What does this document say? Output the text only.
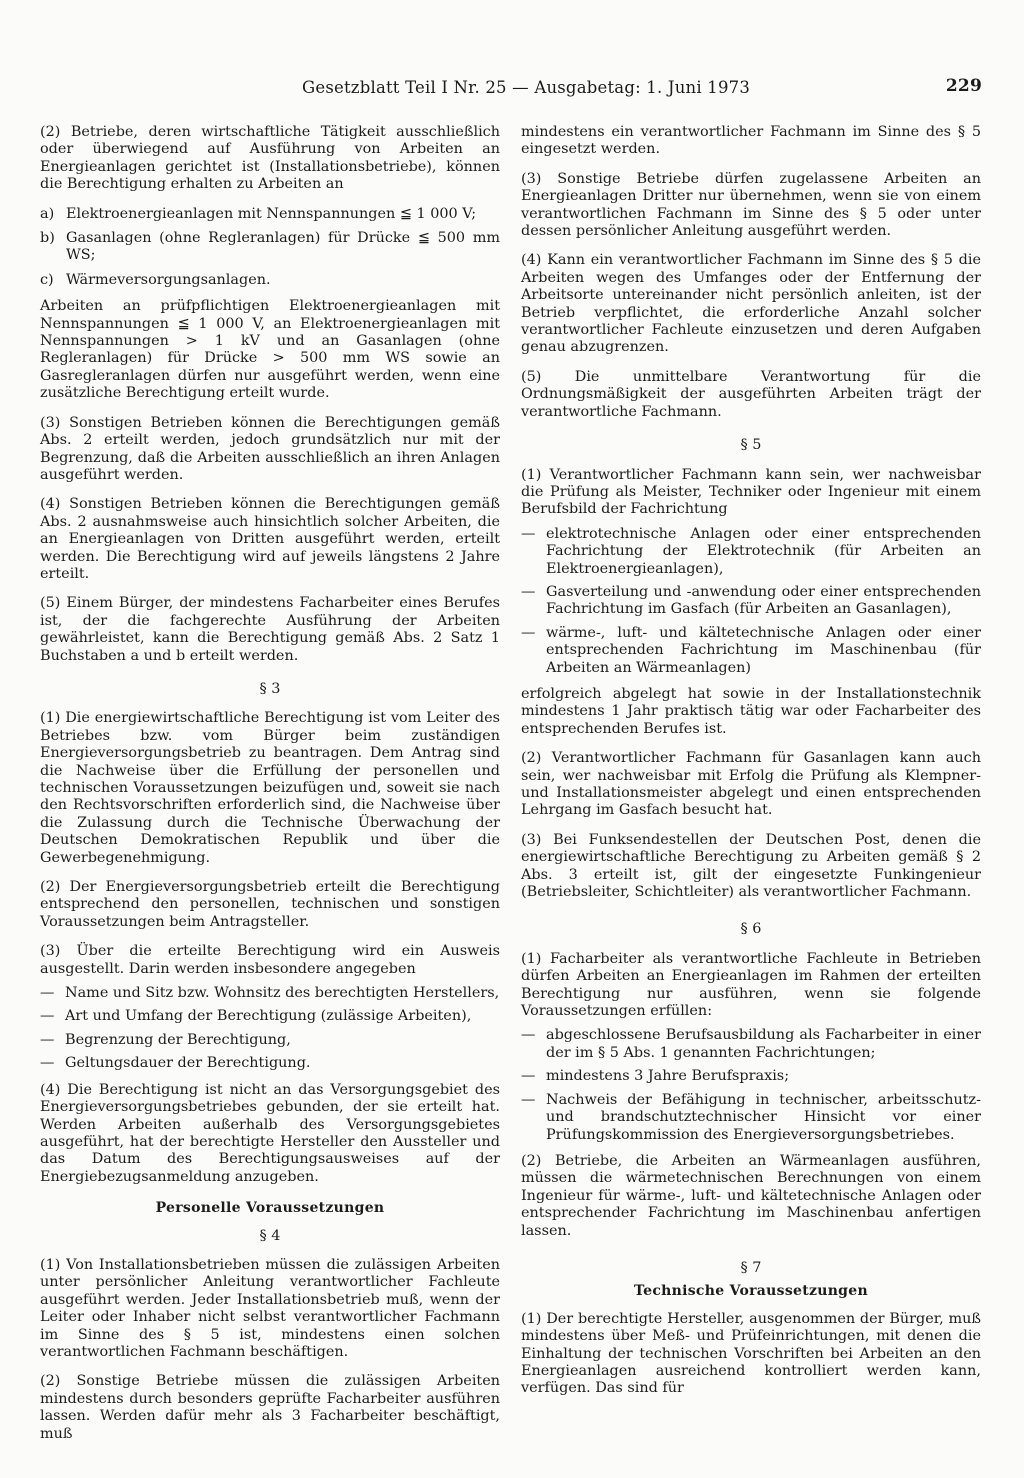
Gesetzblatt Teil I Nr. 25 — Ausgabetag: 1. Juni 1973	229

(2) Betriebe, deren wirtschaftliche Tätigkeit ausschließlich oder überwiegend auf Ausführung von Arbeiten an Energieanlagen gerichtet ist (Installationsbetriebe), können die Berechtigung erhalten zu Arbeiten an

a) Elektroenergieanlagen mit Nennspannungen ≦ 1 000 V;
b) Gasanlagen (ohne Regleranlagen) für Drücke ≦ 500 mm WS;
c) Wärmeversorgungsanlagen.

Arbeiten an prüfpflichtigen Elektroenergieanlagen mit Nennspannungen ≦ 1 000 V, an Elektroenergieanlagen mit Nennspannungen > 1 kV und an Gasanlagen (ohne Regleranlagen) für Drücke > 500 mm WS sowie an Gasregleranlagen dürfen nur ausgeführt werden, wenn eine zusätzliche Berechtigung erteilt wurde.

(3) Sonstigen Betrieben können die Berechtigungen gemäß Abs. 2 erteilt werden, jedoch grundsätzlich nur mit der Begrenzung, daß die Arbeiten ausschließlich an ihren Anlagen ausgeführt werden.

(4) Sonstigen Betrieben können die Berechtigungen gemäß Abs. 2 ausnahmsweise auch hinsichtlich solcher Arbeiten, die an Energieanlagen von Dritten ausgeführt werden, erteilt werden. Die Berechtigung wird auf jeweils längstens 2 Jahre erteilt.

(5) Einem Bürger, der mindestens Facharbeiter eines Berufes ist, der die fachgerechte Ausführung der Arbeiten gewährleistet, kann die Berechtigung gemäß Abs. 2 Satz 1 Buchstaben a und b erteilt werden.

§ 3

(1) Die energiewirtschaftliche Berechtigung ist vom Leiter des Betriebes bzw. vom Bürger beim zuständigen Energieversorgungsbetrieb zu beantragen. Dem Antrag sind die Nachweise über die Erfüllung der personellen und technischen Voraussetzungen beizufügen und, soweit sie nach den Rechtsvorschriften erforderlich sind, die Nachweise über die Zulassung durch die Technische Überwachung der Deutschen Demokratischen Republik und über die Gewerbegenehmigung.

(2) Der Energieversorgungsbetrieb erteilt die Berechtigung entsprechend den personellen, technischen und sonstigen Voraussetzungen beim Antragsteller.

(3) Über die erteilte Berechtigung wird ein Ausweis ausgestellt. Darin werden insbesondere angegeben

— Name und Sitz bzw. Wohnsitz des berechtigten Herstellers,
— Art und Umfang der Berechtigung (zulässige Arbeiten),
— Begrenzung der Berechtigung,
— Geltungsdauer der Berechtigung.

(4) Die Berechtigung ist nicht an das Versorgungsgebiet des Energieversorgungsbetriebes gebunden, der sie erteilt hat. Werden Arbeiten außerhalb des Versorgungsgebietes ausgeführt, hat der berechtigte Hersteller den Aussteller und das Datum des Berechtigungsausweises auf der Energiebezugsanmeldung anzugeben.

Personelle Voraussetzungen
§ 4

(1) Von Installationsbetrieben müssen die zulässigen Arbeiten unter persönlicher Anleitung verantwortlicher Fachleute ausgeführt werden. Jeder Installationsbetrieb muß, wenn der Leiter oder Inhaber nicht selbst verantwortlicher Fachmann im Sinne des § 5 ist, mindestens einen solchen verantwortlichen Fachmann beschäftigen.

(2) Sonstige Betriebe müssen die zulässigen Arbeiten mindestens durch besonders geprüfte Facharbeiter ausführen lassen. Werden dafür mehr als 3 Facharbeiter beschäftigt, muß

mindestens ein verantwortlicher Fachmann im Sinne des § 5 eingesetzt werden.

(3) Sonstige Betriebe dürfen zugelassene Arbeiten an Energieanlagen Dritter nur übernehmen, wenn sie von einem verantwortlichen Fachmann im Sinne des § 5 oder unter dessen persönlicher Anleitung ausgeführt werden.

(4) Kann ein verantwortlicher Fachmann im Sinne des § 5 die Arbeiten wegen des Umfanges oder der Entfernung der Arbeitsorte untereinander nicht persönlich anleiten, ist der Betrieb verpflichtet, die erforderliche Anzahl solcher verantwortlicher Fachleute einzusetzen und deren Aufgaben genau abzugrenzen.

(5) Die unmittelbare Verantwortung für die Ordnungsmäßigkeit der ausgeführten Arbeiten trägt der verantwortliche Fachmann.

§ 5

(1) Verantwortlicher Fachmann kann sein, wer nachweisbar die Prüfung als Meister, Techniker oder Ingenieur mit einem Berufsbild der Fachrichtung

— elektrotechnische Anlagen oder einer entsprechenden Fachrichtung der Elektrotechnik (für Arbeiten an Elektroenergieanlagen),
— Gasverteilung und -anwendung oder einer entsprechenden Fachrichtung im Gasfach (für Arbeiten an Gasanlagen),
— wärme-, luft- und kältetechnische Anlagen oder einer entsprechenden Fachrichtung im Maschinenbau (für Arbeiten an Wärmeanlagen)

erfolgreich abgelegt hat sowie in der Installationstechnik mindestens 1 Jahr praktisch tätig war oder Facharbeiter des entsprechenden Berufes ist.

(2) Verantwortlicher Fachmann für Gasanlagen kann auch sein, wer nachweisbar mit Erfolg die Prüfung als Klempner- und Installationsmeister abgelegt und einen entsprechenden Lehrgang im Gasfach besucht hat.

(3) Bei Funksendestellen der Deutschen Post, denen die energiewirtschaftliche Berechtigung zu Arbeiten gemäß § 2 Abs. 3 erteilt ist, gilt der eingesetzte Funkingenieur (Betriebsleiter, Schichtleiter) als verantwortlicher Fachmann.

§ 6

(1) Facharbeiter als verantwortliche Fachleute in Betrieben dürfen Arbeiten an Energieanlagen im Rahmen der erteilten Berechtigung nur ausführen, wenn sie folgende Voraussetzungen erfüllen:

— abgeschlossene Berufsausbildung als Facharbeiter in einer der im § 5 Abs. 1 genannten Fachrichtungen;
— mindestens 3 Jahre Berufspraxis;
— Nachweis der Befähigung in technischer, arbeitsschutz- und brandschutztechnischer Hinsicht vor einer Prüfungskommission des Energieversorgungsbetriebes.

(2) Betriebe, die Arbeiten an Wärmeanlagen ausführen, müssen die wärmetechnischen Berechnungen von einem Ingenieur für wärme-, luft- und kältetechnische Anlagen oder entsprechender Fachrichtung im Maschinenbau anfertigen lassen.

§ 7
Technische Voraussetzungen

(1) Der berechtigte Hersteller, ausgenommen der Bürger, muß mindestens über Meß- und Prüfeinrichtungen, mit denen die Einhaltung der technischen Vorschriften bei Arbeiten an den Energieanlagen ausreichend kontrolliert werden kann, verfügen. Das sind für
